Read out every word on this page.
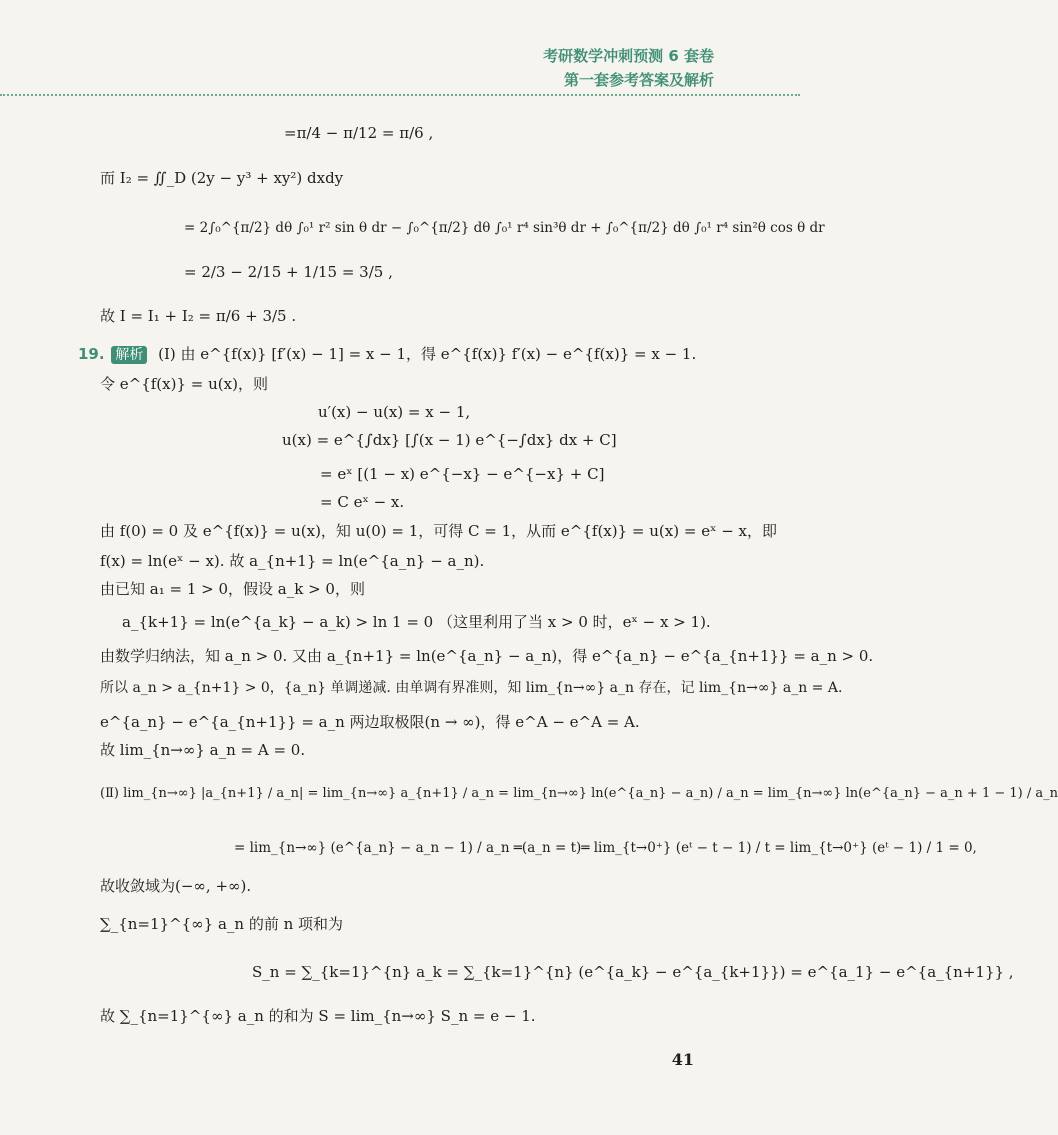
考研数学冲刺预测 6 套卷
第一套参考答案及解析
=π/4 − π/12 = π/6 ,
而 I₂ = ∬_D (2y − y³ + xy²) dxdy
= 2∫₀^{π/2} dθ ∫₀¹ r² sin θ dr − ∫₀^{π/2} dθ ∫₀¹ r⁴ sin³θ dr + ∫₀^{π/2} dθ ∫₀¹ r⁴ sin²θ cos θ dr
= 2/3 − 2/15 + 1/15 = 3/5 ,
故 I = I₁ + I₂ = π/6 + 3/5 .
19. 解析 (Ⅰ) 由 e^{f(x)} [f′(x) − 1] = x − 1，得 e^{f(x)} f′(x) − e^{f(x)} = x − 1.
令 e^{f(x)} = u(x)，则
u′(x) − u(x) = x − 1,
u(x) = e^{∫dx} [∫(x − 1) e^{−∫dx} dx + C]
= eˣ [(1 − x) e^{−x} − e^{−x} + C]
= C eˣ − x.
由 f(0) = 0 及 e^{f(x)} = u(x)，知 u(0) = 1，可得 C = 1，从而 e^{f(x)} = u(x) = eˣ − x，即
f(x) = ln(eˣ − x). 故 a_{n+1} = ln(e^{a_n} − a_n).
由已知 a₁ = 1 > 0，假设 a_k > 0，则
a_{k+1} = ln(e^{a_k} − a_k) > ln 1 = 0 （这里利用了当 x > 0 时，eˣ − x > 1).
由数学归纳法，知 a_n > 0. 又由 a_{n+1} = ln(e^{a_n} − a_n)，得 e^{a_n} − e^{a_{n+1}} = a_n > 0.
所以 a_n > a_{n+1} > 0，{a_n} 单调递减. 由单调有界准则，知 lim_{n→∞} a_n 存在，记 lim_{n→∞} a_n = A.
e^{a_n} − e^{a_{n+1}} = a_n 两边取极限(n → ∞)，得 e^A − e^A = A.
故 lim_{n→∞} a_n = A = 0.
(Ⅱ) lim_{n→∞} |a_{n+1} / a_n| = lim_{n→∞} a_{n+1} / a_n = lim_{n→∞} ln(e^{a_n} − a_n) / a_n = lim_{n→∞} ln(e^{a_n} − a_n + 1 − 1) / a_n
= lim_{n→∞} (e^{a_n} − a_n − 1) / a_n ═(a_n = t)═ lim_{t→0⁺} (eᵗ − t − 1) / t = lim_{t→0⁺} (eᵗ − 1) / 1 = 0,
故收敛域为(−∞, +∞).
∑_{n=1}^{∞} a_n 的前 n 项和为
S_n = ∑_{k=1}^{n} a_k = ∑_{k=1}^{n} (e^{a_k} − e^{a_{k+1}}) = e^{a_1} − e^{a_{n+1}} ,
故 ∑_{n=1}^{∞} a_n 的和为 S = lim_{n→∞} S_n = e − 1.
41
